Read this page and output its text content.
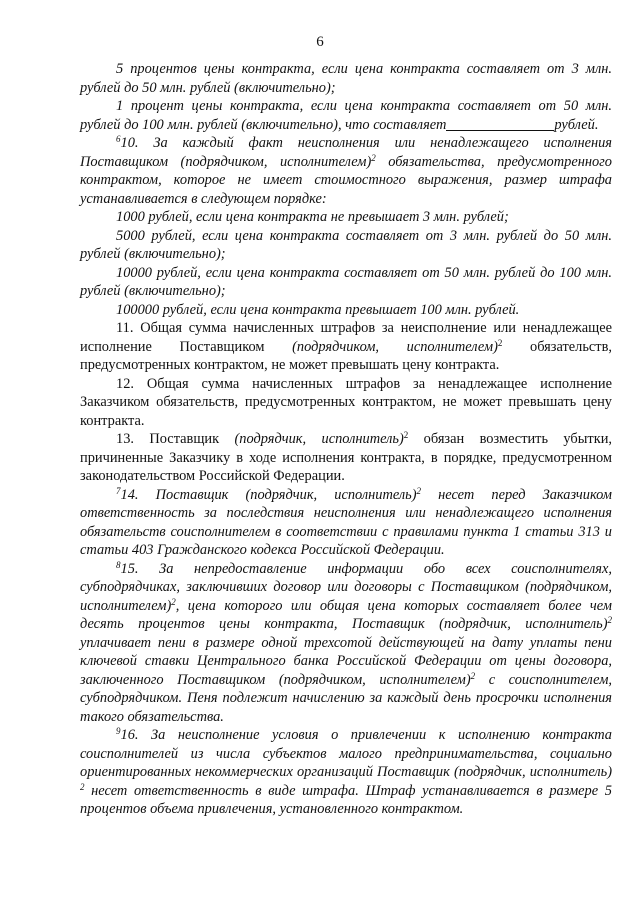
6

5 процентов цены контракта, если цена контракта составляет от 3 млн. рублей до 50 млн. рублей (включительно);

1 процент цены контракта, если цена контракта составляет от 50 млн. рублей до 100 млн. рублей (включительно), что составляет	рублей.

$^6$10. За каждый факт неисполнения или ненадлежащего исполнения Поставщиком (подрядчиком, исполнителем)$^2$ обязательства, предусмотренного контрактом, которое не имеет стоимостного выражения, размер штрафа устанавливается в следующем порядке:

1000 рублей, если цена контракта не превышает 3 млн. рублей;

5000 рублей, если цена контракта составляет от 3 млн. рублей до 50 млн. рублей (включительно);

10000 рублей, если цена контракта составляет от 50 млн. рублей до 100 млн. рублей (включительно);

100000 рублей, если цена контракта превышает 100 млн. рублей.

11. Общая сумма начисленных штрафов за неисполнение или ненадлежащее исполнение Поставщиком (подрядчиком, исполнителем)$^2$ обязательств, предусмотренных контрактом, не может превышать цену контракта.

12. Общая сумма начисленных штрафов за ненадлежащее исполнение Заказчиком обязательств, предусмотренных контрактом, не может превышать цену контракта.

13. Поставщик (подрядчик, исполнитель)$^2$ обязан возместить убытки, причиненные Заказчику в ходе исполнения контракта, в порядке, предусмотренном законодательством Российской Федерации.

$^7$14. Поставщик (подрядчик, исполнитель)$^2$ несет перед Заказчиком ответственность за последствия неисполнения или ненадлежащего исполнения обязательств соисполнителем в соответствии с правилами пункта 1 статьи 313 и статьи 403 Гражданского кодекса Российской Федерации.

$^8$15. За непредоставление информации обо всех соисполнителях, субподрядчиках, заключивших договор или договоры с Поставщиком (подрядчиком, исполнителем)$^2$, цена которого или общая цена которых составляет более чем десять процентов цены контракта, Поставщик (подрядчик, исполнитель)$^2$ уплачивает пени в размере одной трехсотой действующей на дату уплаты пени ключевой ставки Центрального банка Российской Федерации от цены договора, заключенного Поставщиком (подрядчиком, исполнителем)$^2$ с соисполнителем, субподрядчиком. Пеня подлежит начислению за каждый день просрочки исполнения такого обязательства.

$^9$16. За неисполнение условия о привлечении к исполнению контракта соисполнителей из числа субъектов малого предпринимательства, социально ориентированных некоммерческих организаций Поставщик (подрядчик, исполнитель) $^2$ несет ответственность в виде штрафа. Штраф устанавливается в размере 5 процентов объема привлечения, установленного контрактом.
